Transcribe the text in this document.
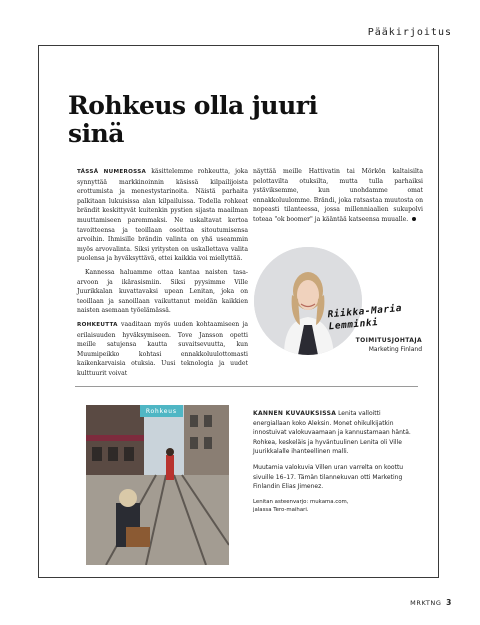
Pääkirjoitus
Rohkeus olla juuri sinä

TÄSSÄ NUMEROSSA käsittelemme rohkeutta, joka synnyttää markkinoinnin käsissä kilpailijoista erottumista ja menestystarinoita. Näistä parhaita palkitaan lukuisissa alan kilpailuissa. Todella rohkeat brändit keskittyvät kuitenkin pystien sijasta maailman muuttamiseen paremmaksi. Ne uskaltavat kertoa tavoitteensa ja teoillaan osoittaa sitoutumisensa arvoihin. Ihmisille brändin valinta on yhä useammin myös arvovalinta. Siksi yritysten on uskallettava valita puolensa ja hyväksyttävä, ettei kaikkia voi miellyttää.

Kannessa haluamme ottaa kantaa naisten tasa-arvoon ja ikärasismiin. Siksi pyysimme Ville Juurikkalan kuvattavaksi upean Lenitan, joka on teoillaan ja sanoillaan vaikuttanut meidän kaikkien naisten asemaan työelämässä.

ROHKEUTTA vaaditaan myös uuden kohtaamiseen ja erilaisuuden hyväksymiseen. Tove Jansson opetti meille satujensa kautta suvaitsevuutta, kun Muumipeikko kohtasi ennakkoluulottomasti kaikenkarvaisia otuksia. Uusi teknologia ja uudet kulttuurit voivat

näyttää meille Hattivatin tai Mörkön kaltaisilta pelottavilta otuksilta, mutta tulla parhaiksi ystäviksemme, kun unohdamme omat ennakkoluulomme. Brändi, joka ratsastaa muutosta on nopeasti tilanteessa, jossa millenniaalien sukupolvi toteaa "ok boomer" ja kääntää katseensa muualle.

Riikka-Maria Lemminki
TOIMITUSJOHTAJA
Marketing Finland
Rohkeus	KANNEN KUVAUKSISSA Lenita valloitti energiallaan koko Aleksin. Monet ohikulkijatkin innostuivat valokuvaamaan ja kannustamaan häntä. Rohkea, keskeläis ja hyväntuulinen Lenita oli Ville Juurikkalalle ihanteellinen malli.

Muutamia valokuvia Villen uran varrelta on koottu sivuille 16–17. Tämän tilannekuvan otti Marketing Finlandin Elias Jimenez.

Lenitan asteenvarjo: mukama.com,
jalassa Tero-maihari.

MRKTNG 3
